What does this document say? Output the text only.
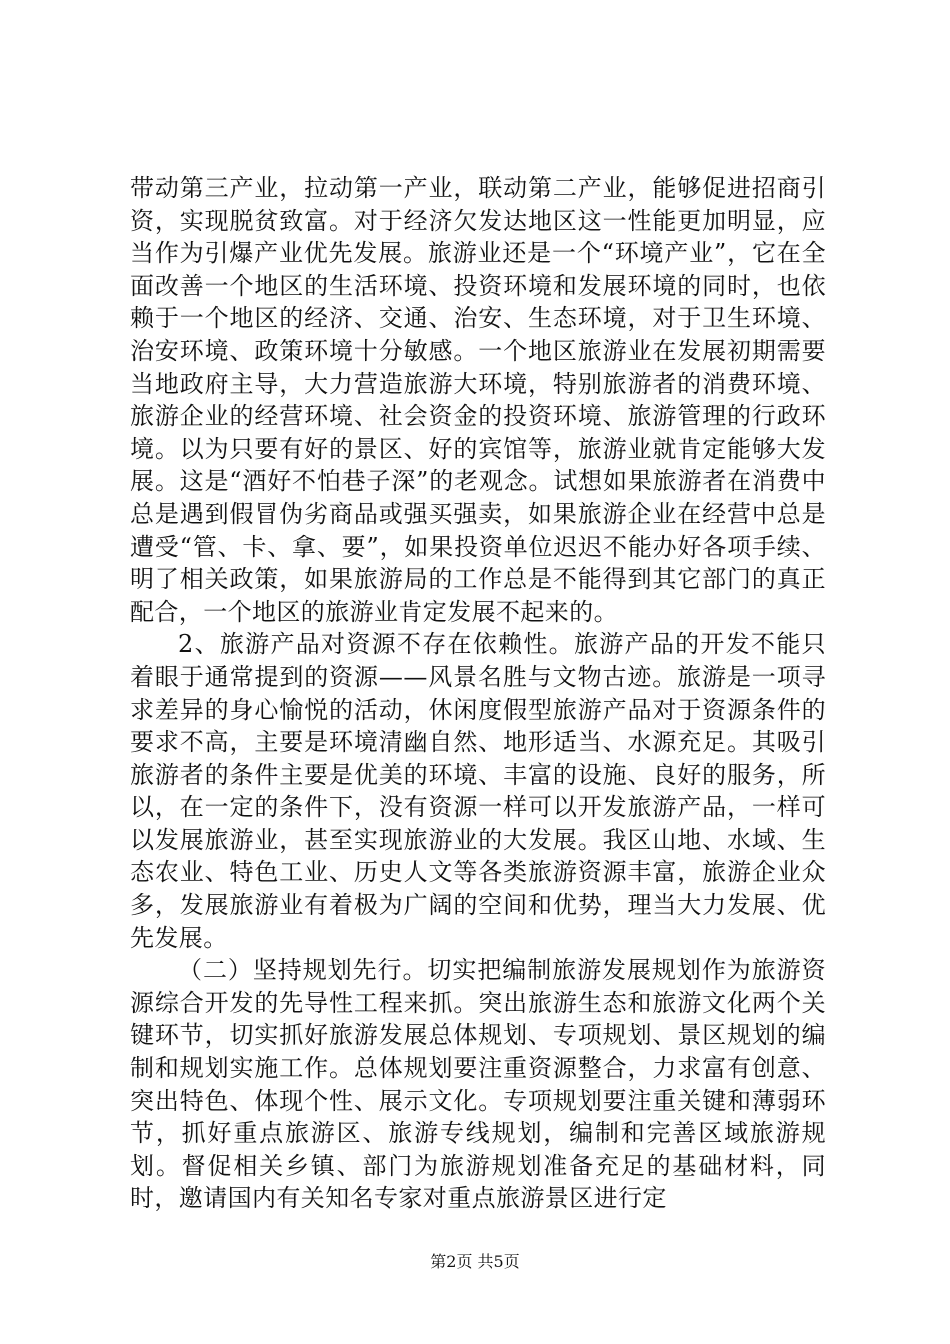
带动第三产业，拉动第一产业，联动第二产业，能够促进招商引资，实现脱贫致富。对于经济欠发达地区这一性能更加明显，应当作为引爆产业优先发展。旅游业还是一个“环境产业”，它在全面改善一个地区的生活环境、投资环境和发展环境的同时，也依赖于一个地区的经济、交通、治安、生态环境，对于卫生环境、治安环境、政策环境十分敏感。一个地区旅游业在发展初期需要当地政府主导，大力营造旅游大环境，特别旅游者的消费环境、旅游企业的经营环境、社会资金的投资环境、旅游管理的行政环境。以为只要有好的景区、好的宾馆等，旅游业就肯定能够大发展。这是“酒好不怕巷子深”的老观念。试想如果旅游者在消费中总是遇到假冒伪劣商品或强买强卖，如果旅游企业在经营中总是遭受“管、卡、拿、要”，如果投资单位迟迟不能办好各项手续、明了相关政策，如果旅游局的工作总是不能得到其它部门的真正配合，一个地区的旅游业肯定发展不起来的。

2、旅游产品对资源不存在依赖性。旅游产品的开发不能只着眼于通常提到的资源——风景名胜与文物古迹。旅游是一项寻求差异的身心愉悦的活动，休闲度假型旅游产品对于资源条件的要求不高，主要是环境清幽自然、地形适当、水源充足。其吸引旅游者的条件主要是优美的环境、丰富的设施、良好的服务，所以，在一定的条件下，没有资源一样可以开发旅游产品，一样可以发展旅游业，甚至实现旅游业的大发展。我区山地、水域、生态农业、特色工业、历史人文等各类旅游资源丰富，旅游企业众多，发展旅游业有着极为广阔的空间和优势，理当大力发展、优先发展。

（二）坚持规划先行。切实把编制旅游发展规划作为旅游资源综合开发的先导性工程来抓。突出旅游生态和旅游文化两个关键环节，切实抓好旅游发展总体规划、专项规划、景区规划的编制和规划实施工作。总体规划要注重资源整合，力求富有创意、突出特色、体现个性、展示文化。专项规划要注重关键和薄弱环节，抓好重点旅游区、旅游专线规划，编制和完善区域旅游规划。督促相关乡镇、部门为旅游规划准备充足的基础材料，同时，邀请国内有关知名专家对重点旅游景区进行定

第2页 共5页
